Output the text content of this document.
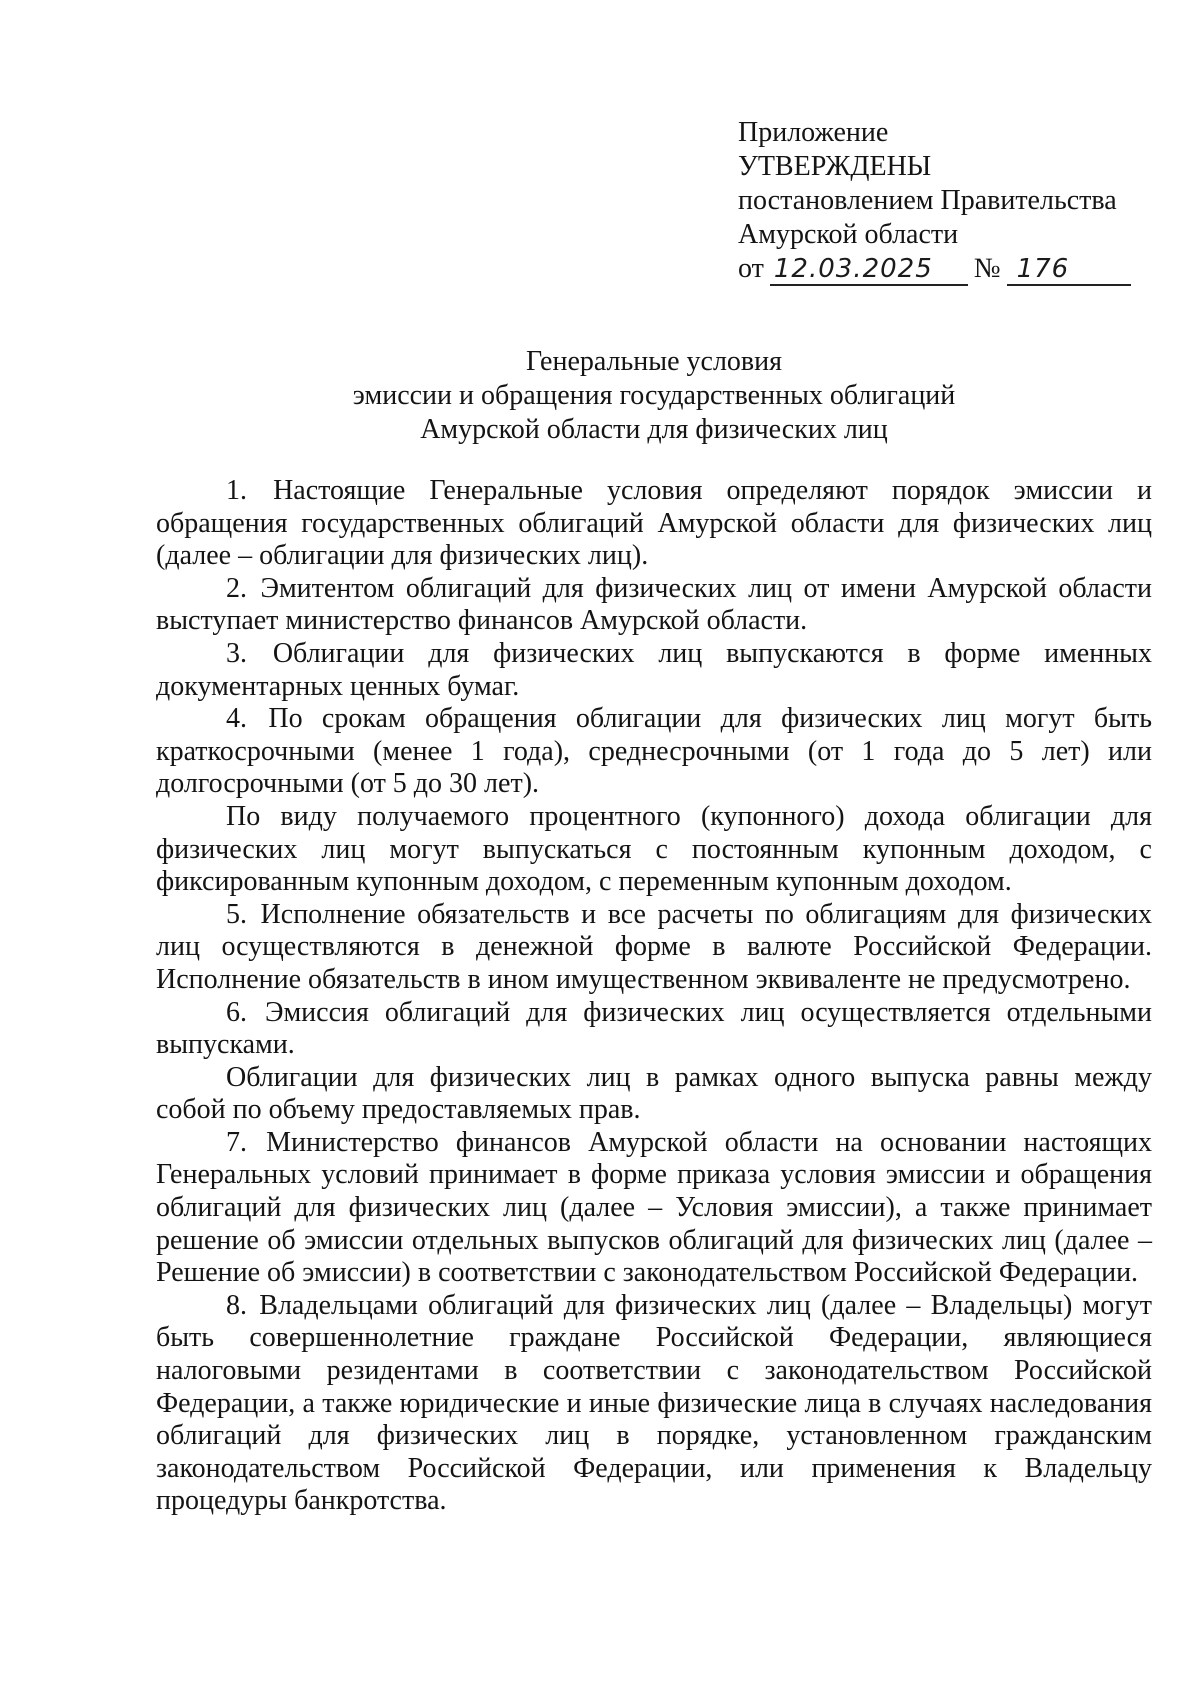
Приложение
УТВЕРЖДЕНЫ
постановлением Правительства
Амурской области
от 12.03.2025	№ 176
Генеральные условия
эмиссии и обращения государственных облигаций
Амурской области для физических лиц

1. Настоящие Генеральные условия определяют порядок эмиссии и обращения государственных облигаций Амурской области для физических лиц (далее – облигации для физических лиц).

2. Эмитентом облигаций для физических лиц от имени Амурской области выступает министерство финансов Амурской области.

3. Облигации для физических лиц выпускаются в форме именных документарных ценных бумаг.

4. По срокам обращения облигации для физических лиц могут быть краткосрочными (менее 1 года), среднесрочными (от 1 года до 5 лет) или долгосрочными (от 5 до 30 лет).

По виду получаемого процентного (купонного) дохода облигации для физических лиц могут выпускаться с постоянным купонным доходом, с фиксированным купонным доходом, с переменным купонным доходом.

5. Исполнение обязательств и все расчеты по облигациям для физических лиц осуществляются в денежной форме в валюте Российской Федерации. Исполнение обязательств в ином имущественном эквиваленте не предусмотрено.

6. Эмиссия облигаций для физических лиц осуществляется отдельными выпусками.

Облигации для физических лиц в рамках одного выпуска равны между собой по объему предоставляемых прав.

7. Министерство финансов Амурской области на основании настоящих Генеральных условий принимает в форме приказа условия эмиссии и обращения облигаций для физических лиц (далее – Условия эмиссии), а также принимает решение об эмиссии отдельных выпусков облигаций для физических лиц (далее – Решение об эмиссии) в соответствии с законодательством Российской Федерации.

8. Владельцами облигаций для физических лиц (далее – Владельцы) могут быть совершеннолетние граждане Российской Федерации, являющиеся налоговыми резидентами в соответствии с законодательством Российской Федерации, а также юридические и иные физические лица в случаях наследования облигаций для физических лиц в порядке, установленном гражданским законодательством Российской Федерации, или применения к Владельцу процедуры банкротства.
